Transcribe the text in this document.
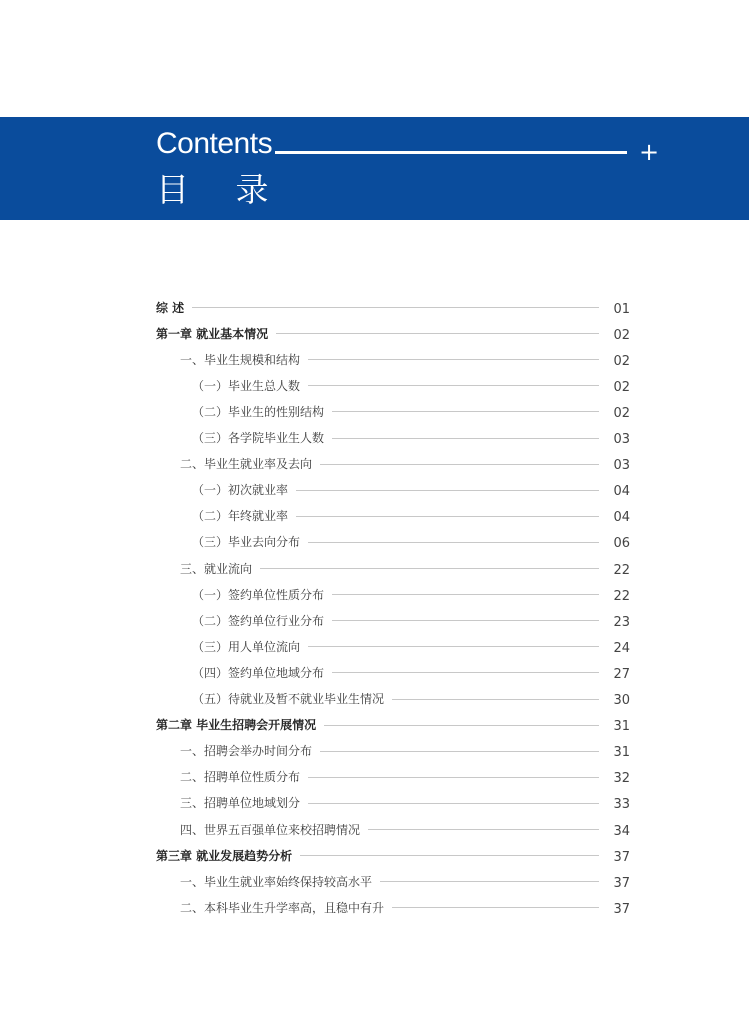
Contents	+
目 录
综 述	01
第一章 就业基本情况	02
一、毕业生规模和结构	02
（一）毕业生总人数	02
（二）毕业生的性别结构	02
（三）各学院毕业生人数	03
二、毕业生就业率及去向	03
（一）初次就业率	04
（二）年终就业率	04
（三）毕业去向分布	06
三、就业流向	22
（一）签约单位性质分布	22
（二）签约单位行业分布	23
（三）用人单位流向	24
（四）签约单位地域分布	27
（五）待就业及暂不就业毕业生情况	30
第二章 毕业生招聘会开展情况	31
一、招聘会举办时间分布	31
二、招聘单位性质分布	32
三、招聘单位地域划分	33
四、世界五百强单位来校招聘情况	34
第三章 就业发展趋势分析	37
一、毕业生就业率始终保持较高水平	37
二、本科毕业生升学率高，且稳中有升	37
